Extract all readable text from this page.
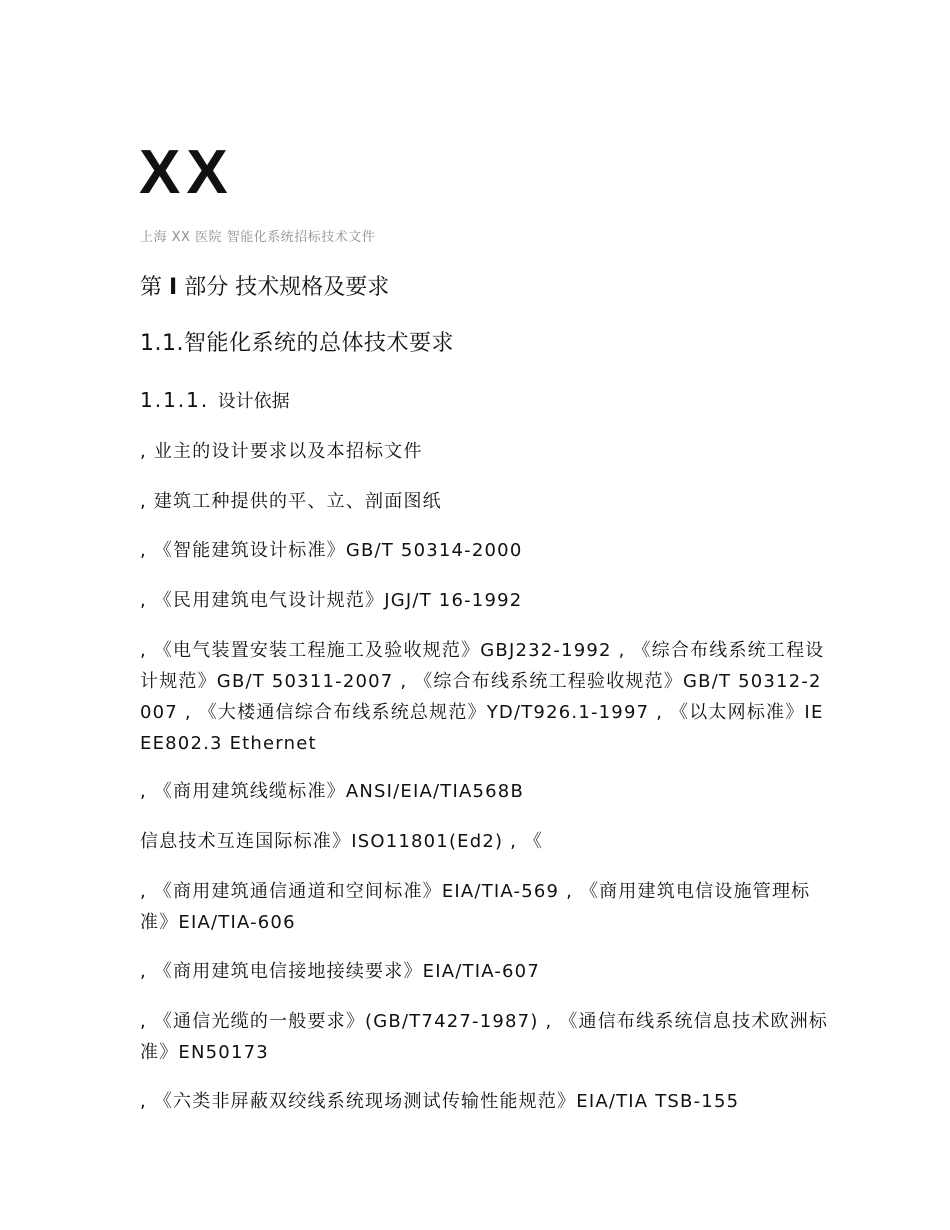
XX
上海 XX 医院 智能化系统招标技术文件
第 I 部分 技术规格及要求
1.1.智能化系统的总体技术要求
1.1.1. 设计依据

, 业主的设计要求以及本招标文件

, 建筑工种提供的平、立、剖面图纸

, 《智能建筑设计标准》GB/T 50314-2000

, 《民用建筑电气设计规范》JGJ/T 16-1992

, 《电气装置安装工程施工及验收规范》GBJ232-1992 , 《综合布线系统工程设计规范》GB/T 50311-2007 , 《综合布线系统工程验收规范》GB/T 50312-2007 , 《大楼通信综合布线系统总规范》YD/T926.1-1997 , 《以太网标准》IEEE802.3 Ethernet

, 《商用建筑线缆标准》ANSI/EIA/TIA568B

信息技术互连国际标准》ISO11801(Ed2) , 《

, 《商用建筑通信通道和空间标准》EIA/TIA-569 , 《商用建筑电信设施管理标准》EIA/TIA-606

, 《商用建筑电信接地接续要求》EIA/TIA-607

, 《通信光缆的一般要求》(GB/T7427-1987) , 《通信布线系统信息技术欧洲标准》EN50173

, 《六类非屏蔽双绞线系统现场测试传输性能规范》EIA/TIA TSB-155
